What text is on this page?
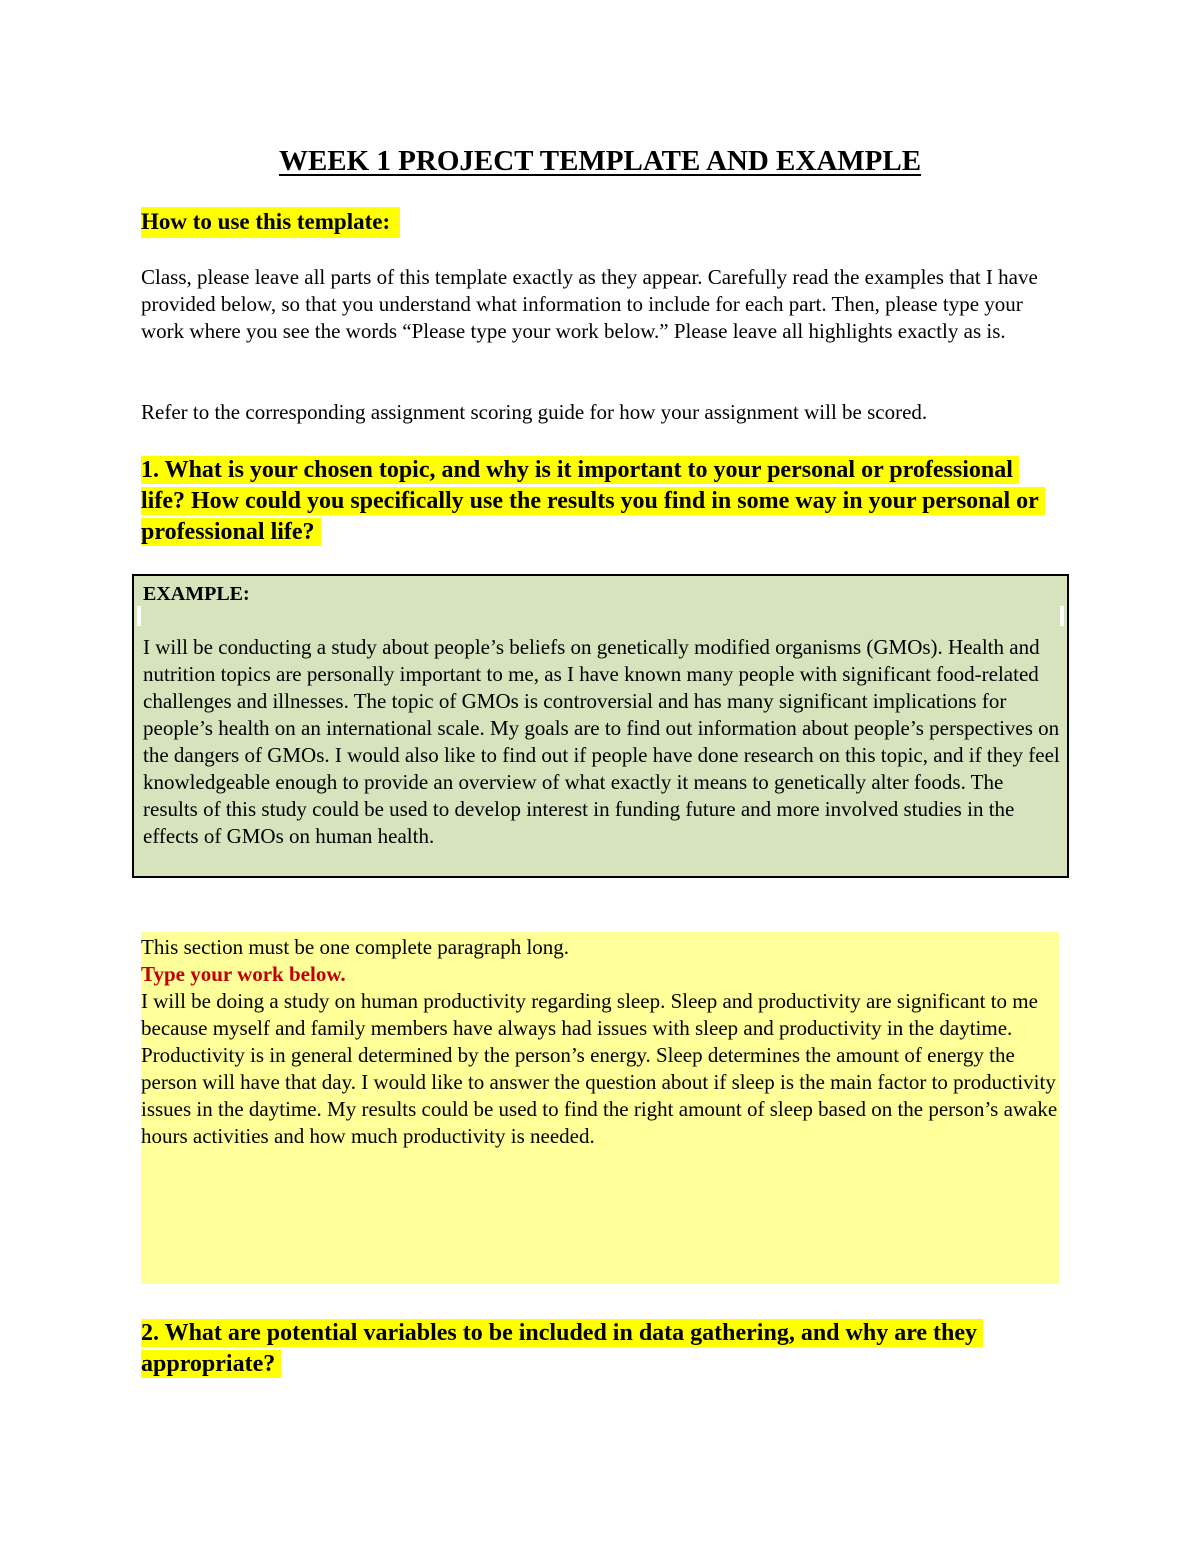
WEEK 1 PROJECT TEMPLATE AND EXAMPLE
How to use this template:

Class, please leave all parts of this template exactly as they appear. Carefully read the examples that I have provided below, so that you understand what information to include for each part. Then, please type your work where you see the words “Please type your work below.” Please leave all highlights exactly as is.

Refer to the corresponding assignment scoring guide for how your assignment will be scored.

1. What is your chosen topic, and why is it important to your personal or professional life? How could you specifically use the results you find in some way in your personal or professional life?

EXAMPLE:

I will be conducting a study about people’s beliefs on genetically modified organisms (GMOs). Health and nutrition topics are personally important to me, as I have known many people with significant food-related challenges and illnesses. The topic of GMOs is controversial and has many significant implications for people’s health on an international scale. My goals are to find out information about people’s perspectives on the dangers of GMOs. I would also like to find out if people have done research on this topic, and if they feel knowledgeable enough to provide an overview of what exactly it means to genetically alter foods. The results of this study could be used to develop interest in funding future and more involved studies in the effects of GMOs on human health.

This section must be one complete paragraph long.

Type your work below.

I will be doing a study on human productivity regarding sleep. Sleep and productivity are significant to me because myself and family members have always had issues with sleep and productivity in the daytime. Productivity is in general determined by the person’s energy. Sleep determines the amount of energy the person will have that day. I would like to answer the question about if sleep is the main factor to productivity issues in the daytime. My results could be used to find the right amount of sleep based on the person’s awake hours activities and how much productivity is needed.

2. What are potential variables to be included in data gathering, and why are they appropriate?
